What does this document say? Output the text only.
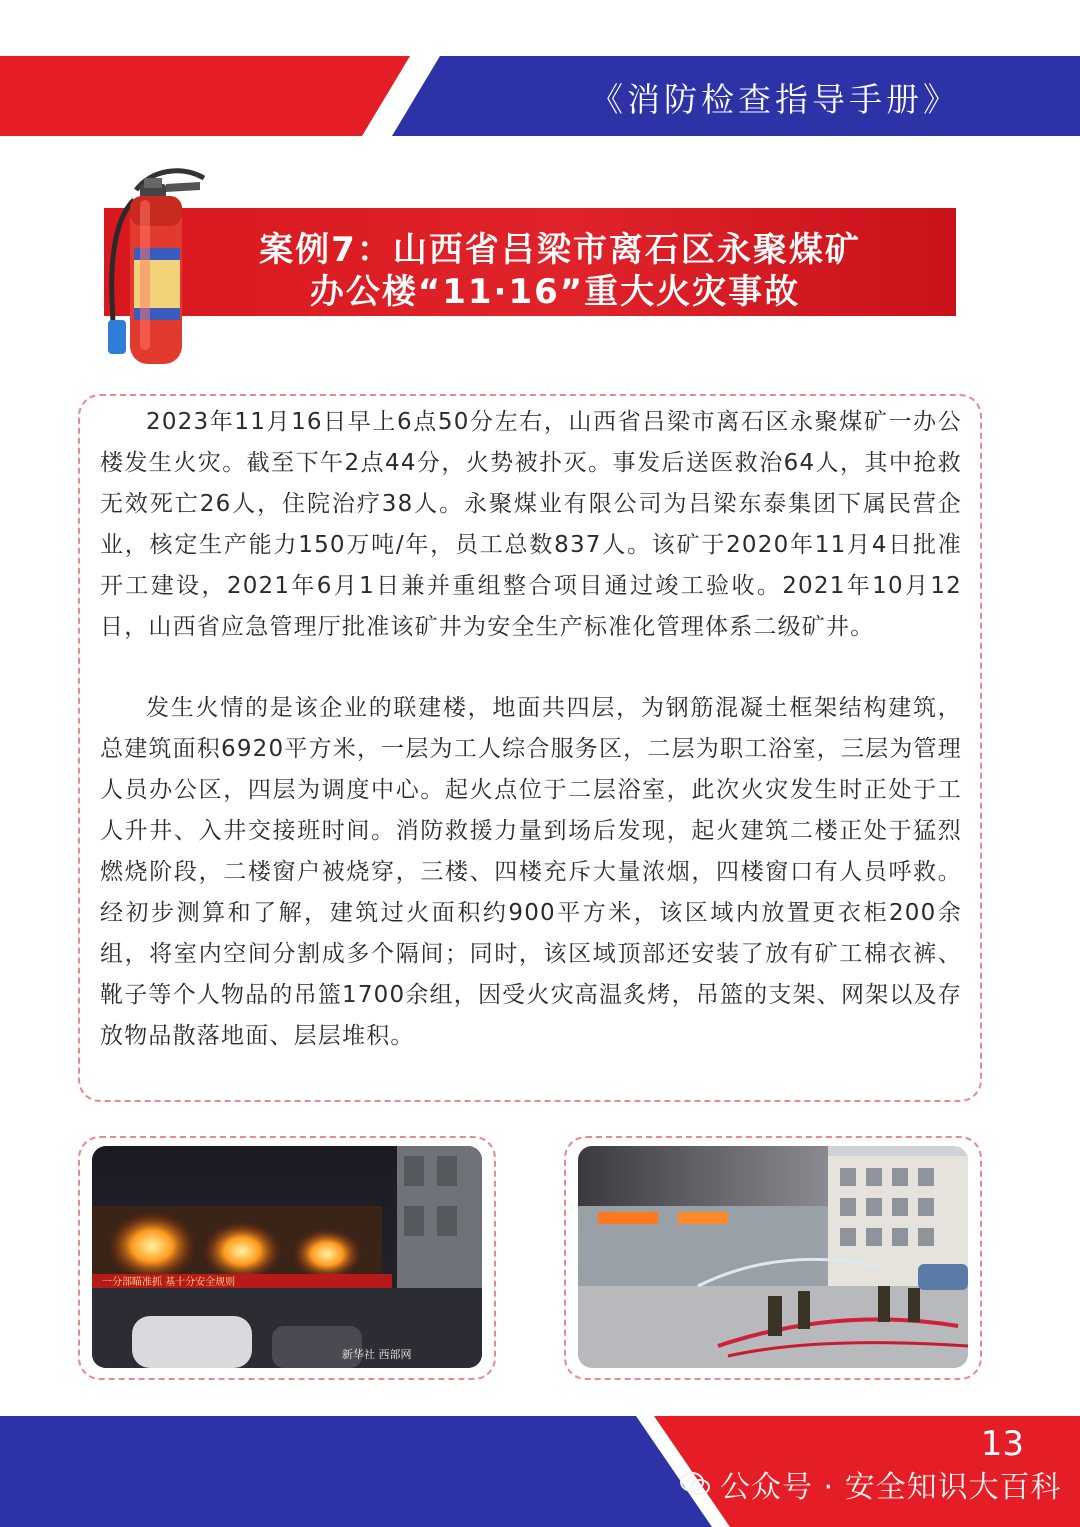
《消防检查指导手册》
案例7：山西省吕梁市离石区永聚煤矿
办公楼“11·16”重大火灾事故

2023年11月16日早上6点50分左右，山西省吕梁市离石区永聚煤矿一办公楼发生火灾。截至下午2点44分，火势被扑灭。事发后送医救治64人，其中抢救无效死亡26人，住院治疗38人。永聚煤业有限公司为吕梁东泰集团下属民营企业，核定生产能力150万吨/年，员工总数837人。该矿于2020年11月4日批准开工建设，2021年6月1日兼并重组整合项目通过竣工验收。2021年10月12日，山西省应急管理厅批准该矿井为安全生产标准化管理体系二级矿井。

发生火情的是该企业的联建楼，地面共四层，为钢筋混凝土框架结构建筑，总建筑面积6920平方米，一层为工人综合服务区，二层为职工浴室，三层为管理人员办公区，四层为调度中心。起火点位于二层浴室，此次火灾发生时正处于工人升井、入井交接班时间。消防救援力量到场后发现，起火建筑二楼正处于猛烈燃烧阶段，二楼窗户被烧穿，三楼、四楼充斥大量浓烟，四楼窗口有人员呼救。经初步测算和了解，建筑过火面积约900平方米，该区域内放置更衣柜200余组，将室内空间分割成多个隔间；同时，该区域顶部还安装了放有矿工棉衣裤、靴子等个人物品的吊篮1700余组，因受火灾高温炙烤，吊篮的支架、网架以及存放物品散落地面、层层堆积。

一分部瞄准抓 基十分安全规则
新华社 西部网
13
公众号 · 安全知识大百科
